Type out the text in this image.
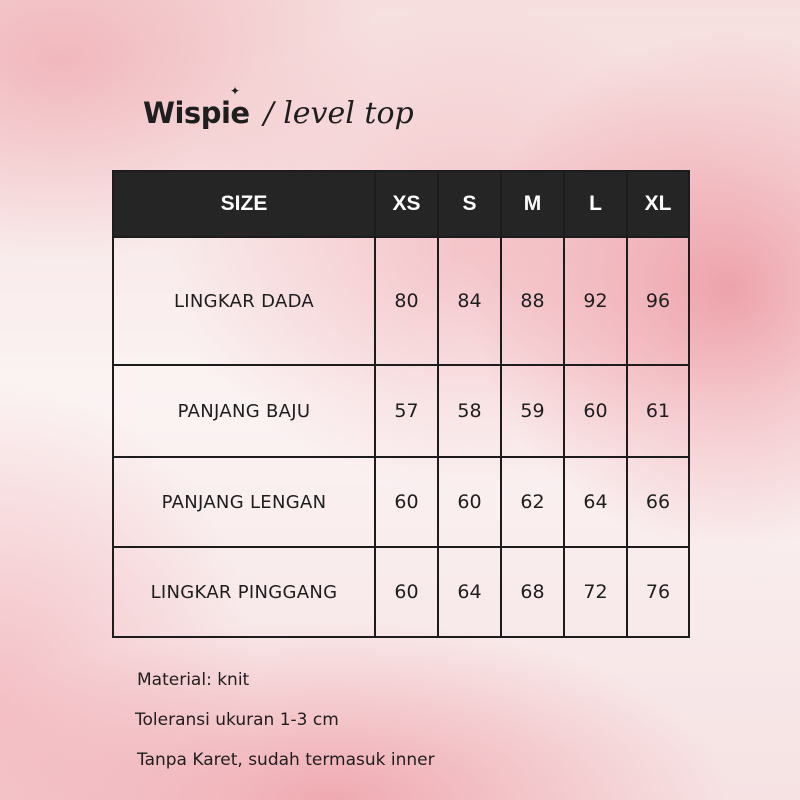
Wispie
✦
/ level top
SIZE	XS	S	M	L	XL
LINGKAR DADA	80	84	88	92	96
PANJANG BAJU	57	58	59	60	61
PANJANG LENGAN	60	60	62	64	66
LINGKAR PINGGANG	60	64	68	72	76
Material: knit
Toleransi ukuran 1-3 cm
Tanpa Karet, sudah termasuk inner
